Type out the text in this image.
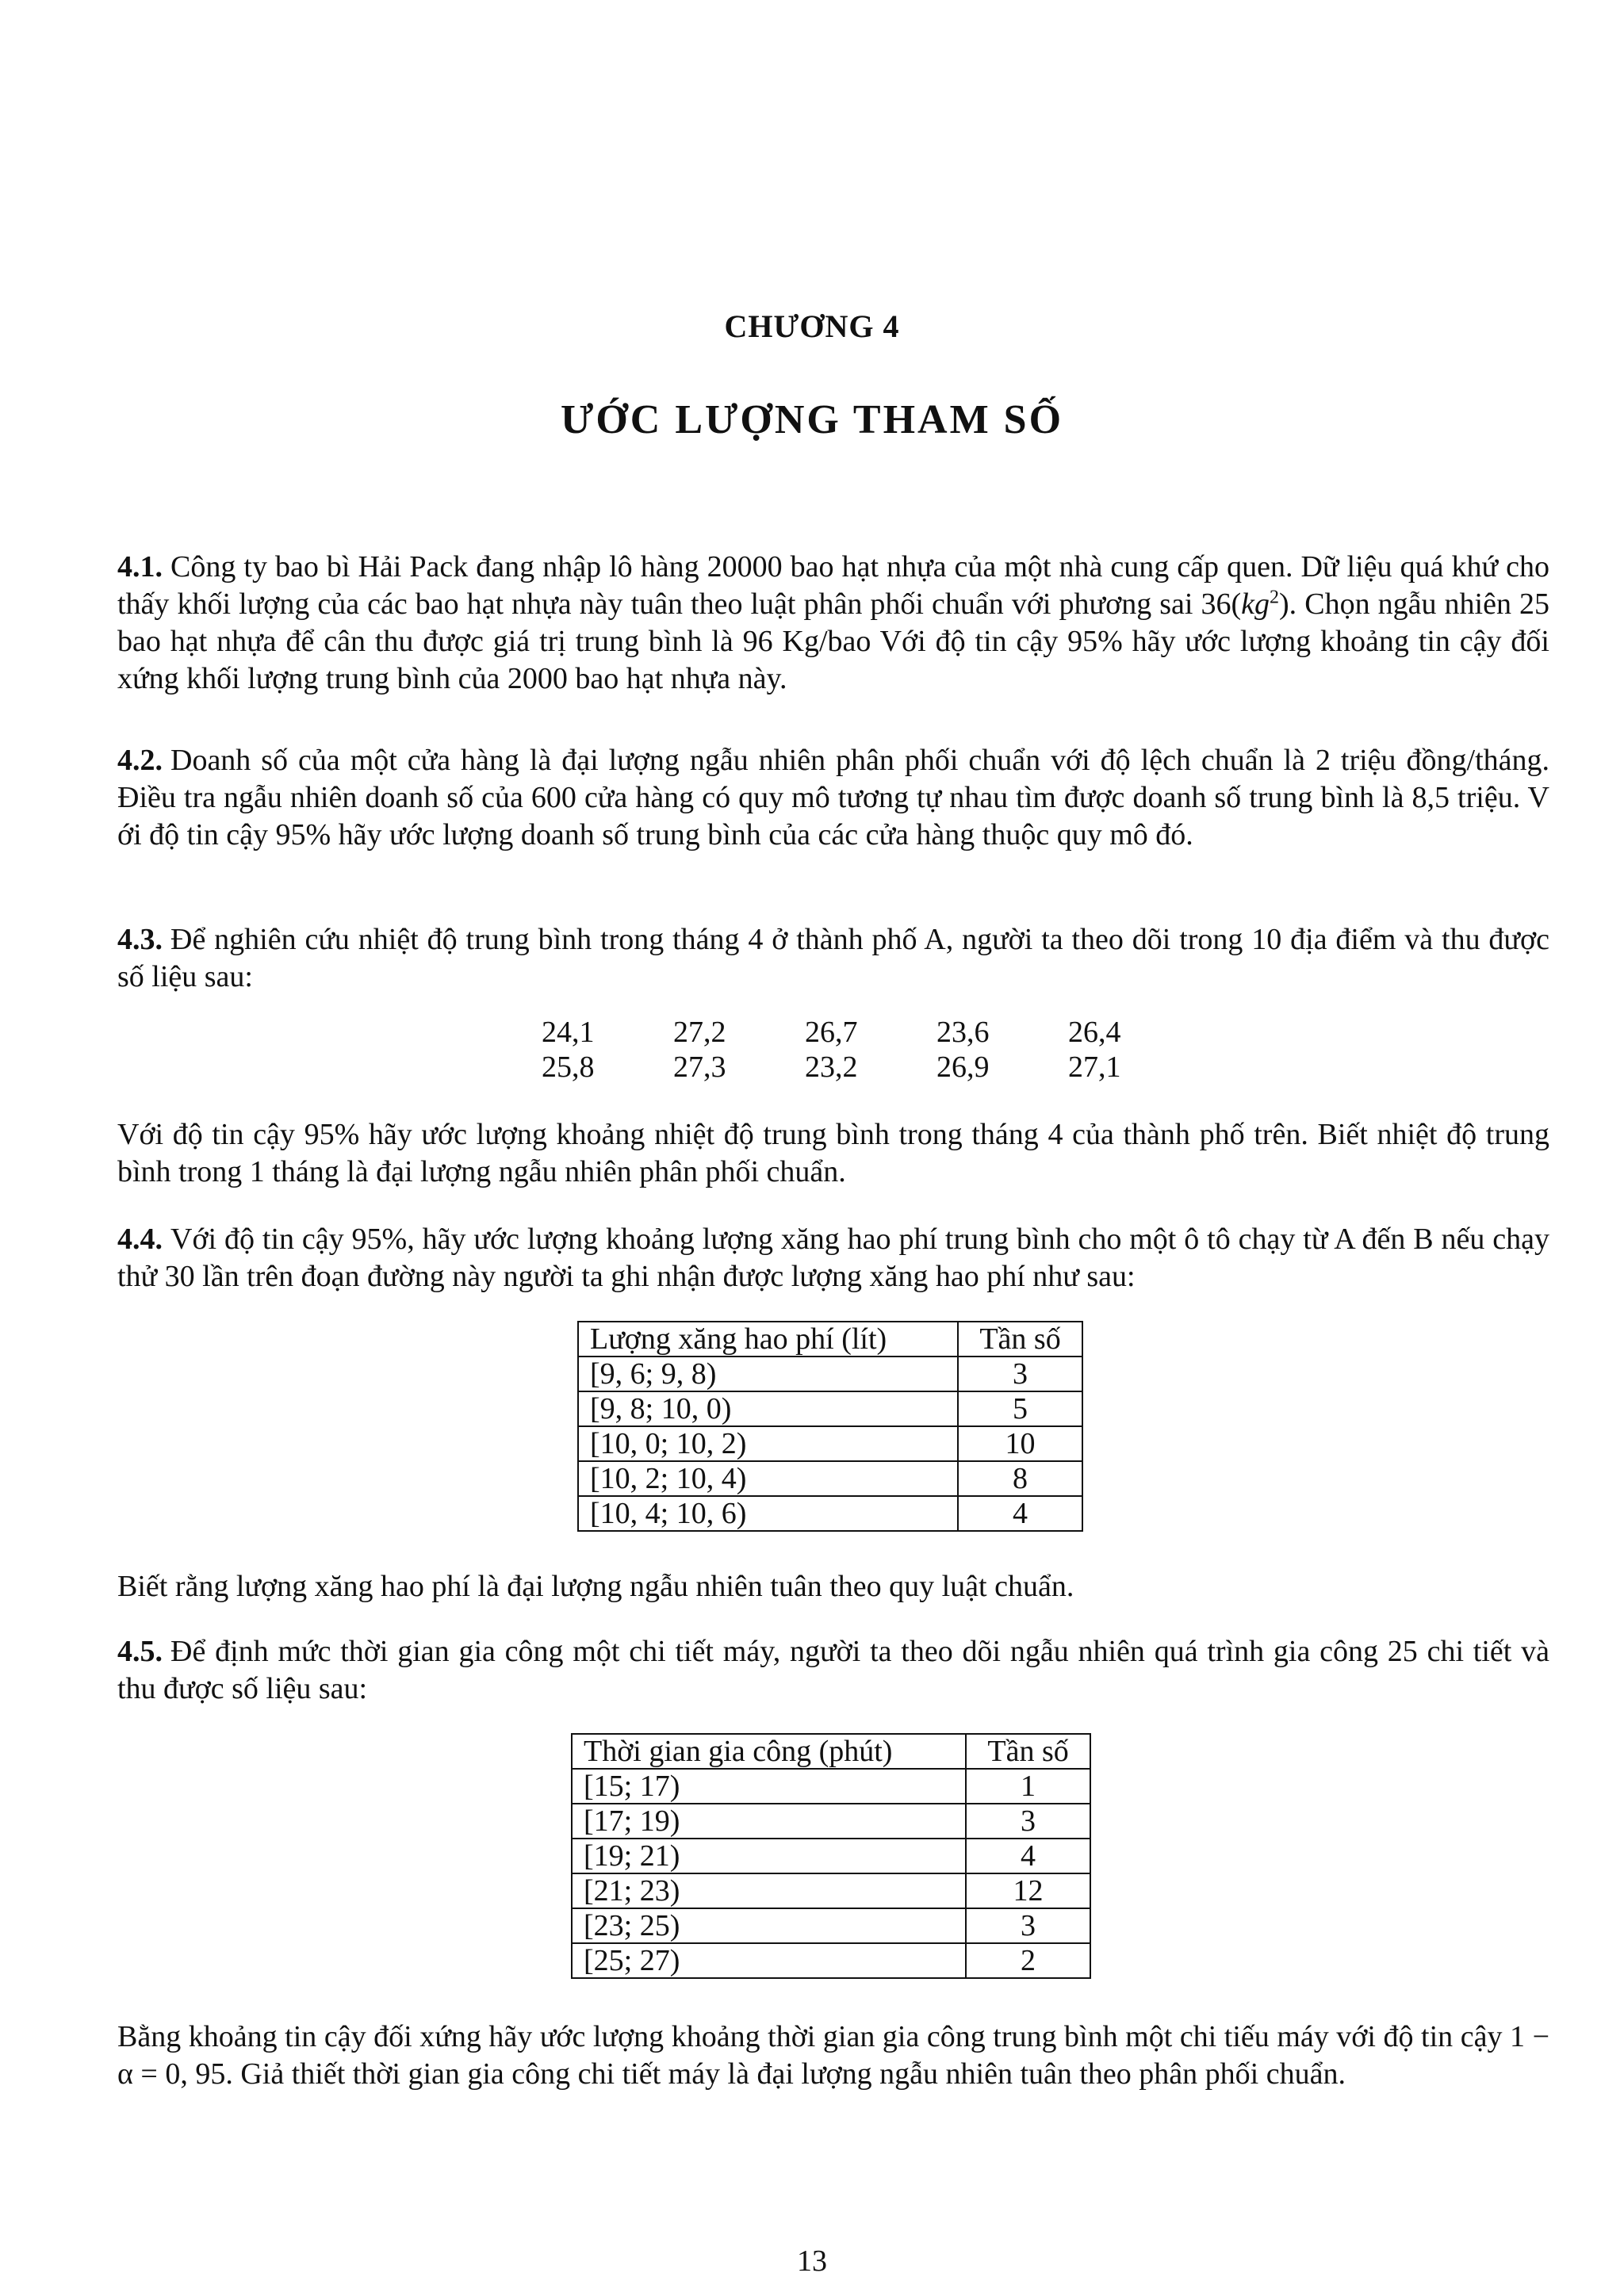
CHƯƠNG 4
ƯỚC LƯỢNG THAM SỐ
4.1. Công ty bao bì Hải Pack đang nhập lô hàng 20000 bao hạt nhựa của một nhà cung cấp quen. Dữ liệu quá khứ cho thấy khối lượng của các bao hạt nhựa này tuân theo luật phân phối chuẩn với phương sai $36(kg^2)$. Chọn ngẫu nhiên 25 bao hạt nhựa để cân thu được giá trị trung bình là 96 Kg/bao Với độ tin cậy 95% hãy ước lượng khoảng tin cậy đối xứng khối lượng trung bình của 2000 bao hạt nhựa này.
4.2. Doanh số của một cửa hàng là đại lượng ngẫu nhiên phân phối chuẩn với độ lệch chuẩn là 2 triệu đồng/tháng. Điều tra ngẫu nhiên doanh số của 600 cửa hàng có quy mô tương tự nhau tìm được doanh số trung bình là 8,5 triệu. V ới độ tin cậy 95% hãy ước lượng doanh số trung bình của các cửa hàng thuộc quy mô đó.
4.3. Để nghiên cứu nhiệt độ trung bình trong tháng 4 ở thành phố A, người ta theo dõi trong 10 địa điểm và thu được số liệu sau:
24,1	27,2	26,7	23,6	26,4
25,8	27,3	23,2	26,9	27,1
Với độ tin cậy 95% hãy ước lượng khoảng nhiệt độ trung bình trong tháng 4 của thành phố trên. Biết nhiệt độ trung bình trong 1 tháng là đại lượng ngẫu nhiên phân phối chuẩn.
4.4. Với độ tin cậy 95%, hãy ước lượng khoảng lượng xăng hao phí trung bình cho một ô tô chạy từ A đến B nếu chạy thử 30 lần trên đoạn đường này người ta ghi nhận được lượng xăng hao phí như sau:
Lượng xăng hao phí (lít)	Tần số
[9, 6; 9, 8)	3
[9, 8; 10, 0)	5
[10, 0; 10, 2)	10
[10, 2; 10, 4)	8
[10, 4; 10, 6)	4
Biết rằng lượng xăng hao phí là đại lượng ngẫu nhiên tuân theo quy luật chuẩn.
4.5. Để định mức thời gian gia công một chi tiết máy, người ta theo dõi ngẫu nhiên quá trình gia công 25 chi tiết và thu được số liệu sau:
Thời gian gia công (phút)	Tần số
[15; 17)	1
[17; 19)	3
[19; 21)	4
[21; 23)	12
[23; 25)	3
[25; 27)	2
Bằng khoảng tin cậy đối xứng hãy ước lượng khoảng thời gian gia công trung bình một chi tiếu máy với độ tin cậy 1 − α = 0, 95. Giả thiết thời gian gia công chi tiết máy là đại lượng ngẫu nhiên tuân theo phân phối chuẩn.
13
